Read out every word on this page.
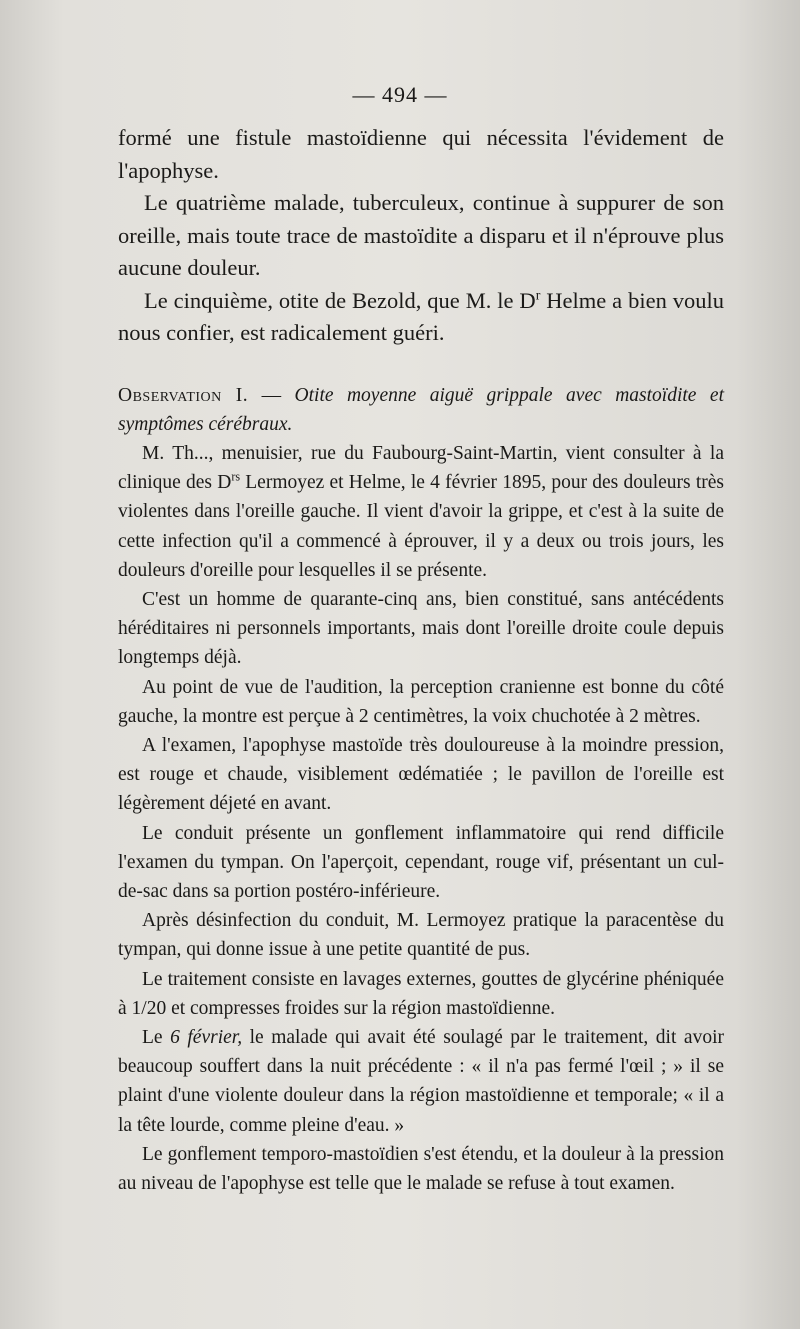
— 494 —

formé une fistule mastoïdienne qui nécessita l'évidement de l'apophyse.

Le quatrième malade, tuberculeux, continue à suppurer de son oreille, mais toute trace de mastoïdite a disparu et il n'éprouve plus aucune douleur.

Le cinquième, otite de Bezold, que M. le $D^r$ Helme a bien voulu nous confier, est radicalement guéri.

Observation I. — Otite moyenne aiguë grippale avec mastoïdite et symptômes cérébraux.

M. Th..., menuisier, rue du Faubourg-Saint-Martin, vient consulter à la clinique des $D^{rs}$ Lermoyez et Helme, le 4 février 1895, pour des douleurs très violentes dans l'oreille gauche. Il vient d'avoir la grippe, et c'est à la suite de cette infection qu'il a commencé à éprouver, il y a deux ou trois jours, les douleurs d'oreille pour lesquelles il se présente.

C'est un homme de quarante-cinq ans, bien constitué, sans antécédents héréditaires ni personnels importants, mais dont l'oreille droite coule depuis longtemps déjà.

Au point de vue de l'audition, la perception cranienne est bonne du côté gauche, la montre est perçue à 2 centimètres, la voix chuchotée à 2 mètres.

A l'examen, l'apophyse mastoïde très douloureuse à la moindre pression, est rouge et chaude, visiblement œdématiée ; le pavillon de l'oreille est légèrement déjeté en avant.

Le conduit présente un gonflement inflammatoire qui rend difficile l'examen du tympan. On l'aperçoit, cependant, rouge vif, présentant un cul-de-sac dans sa portion postéro-inférieure.

Après désinfection du conduit, M. Lermoyez pratique la paracentèse du tympan, qui donne issue à une petite quantité de pus.

Le traitement consiste en lavages externes, gouttes de glycérine phéniquée à 1/20 et compresses froides sur la région mastoïdienne.

Le 6 février, le malade qui avait été soulagé par le traitement, dit avoir beaucoup souffert dans la nuit précédente : « il n'a pas fermé l'œil ; » il se plaint d'une violente douleur dans la région mastoïdienne et temporale; « il a la tête lourde, comme pleine d'eau. »

Le gonflement temporo-mastoïdien s'est étendu, et la douleur à la pression au niveau de l'apophyse est telle que le malade se refuse à tout examen.
